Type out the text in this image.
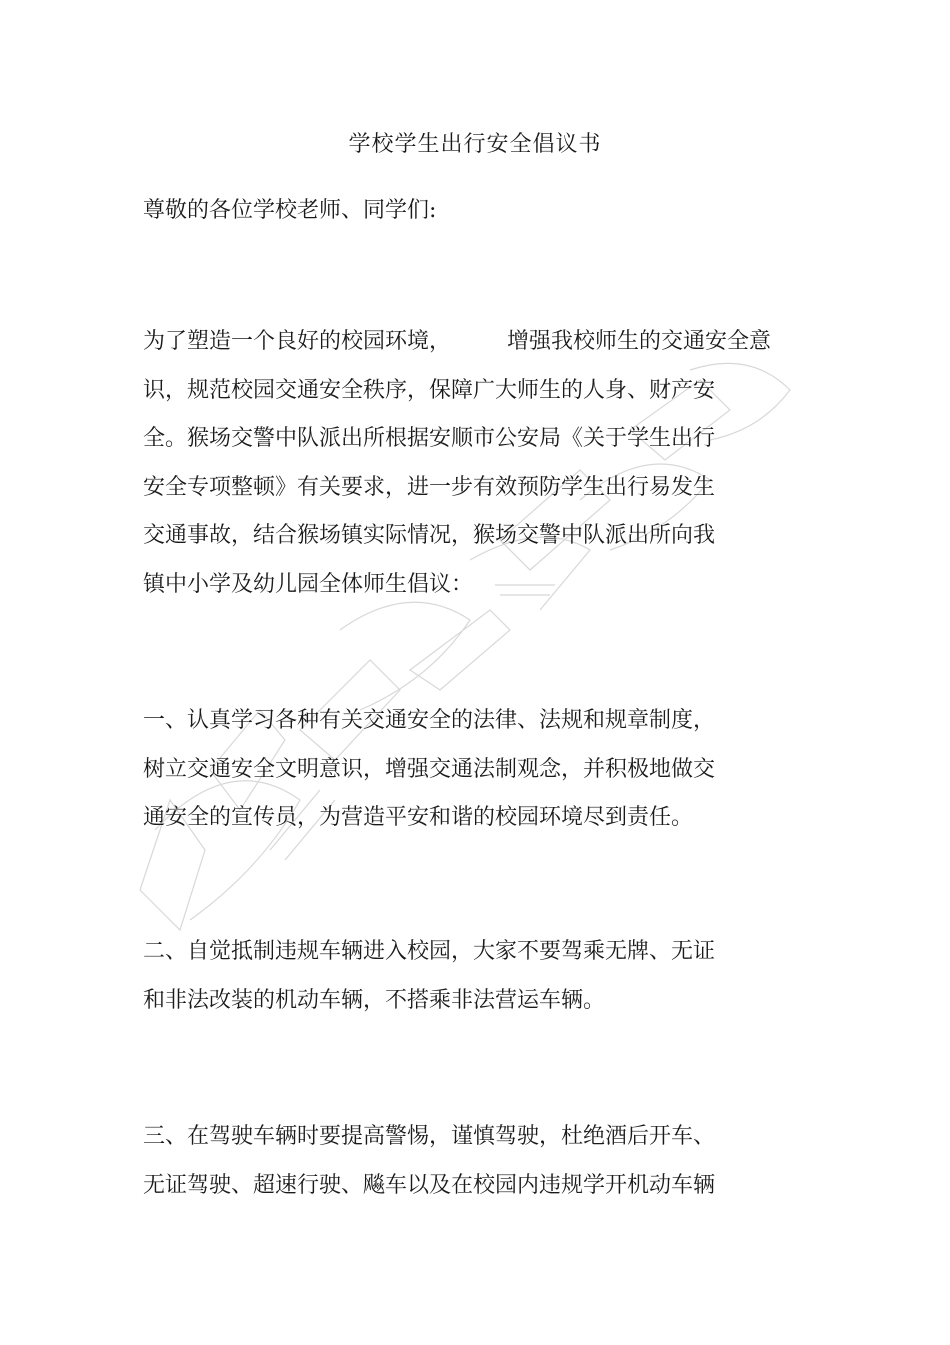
学校学生出行安全倡议书
尊敬的各位学校老师、同学们:
为了塑造一个良好的校园环境，	增强我校师生的交通安全意
识，规范校园交通安全秩序，保障广大师生的人身、财产安
全。猴场交警中队派出所根据安顺市公安局《关于学生出行
安全专项整顿》有关要求，进一步有效预防学生出行易发生
交通事故，结合猴场镇实际情况，猴场交警中队派出所向我
镇中小学及幼儿园全体师生倡议：
一、认真学习各种有关交通安全的法律、法规和规章制度，
树立交通安全文明意识，增强交通法制观念，并积极地做交
通安全的宣传员，为营造平安和谐的校园环境尽到责任。
二、自觉抵制违规车辆进入校园，大家不要驾乘无牌、无证
和非法改装的机动车辆，不搭乘非法营运车辆。
三、在驾驶车辆时要提高警惕，谨慎驾驶，杜绝酒后开车、
无证驾驶、超速行驶、飚车以及在校园内违规学开机动车辆
